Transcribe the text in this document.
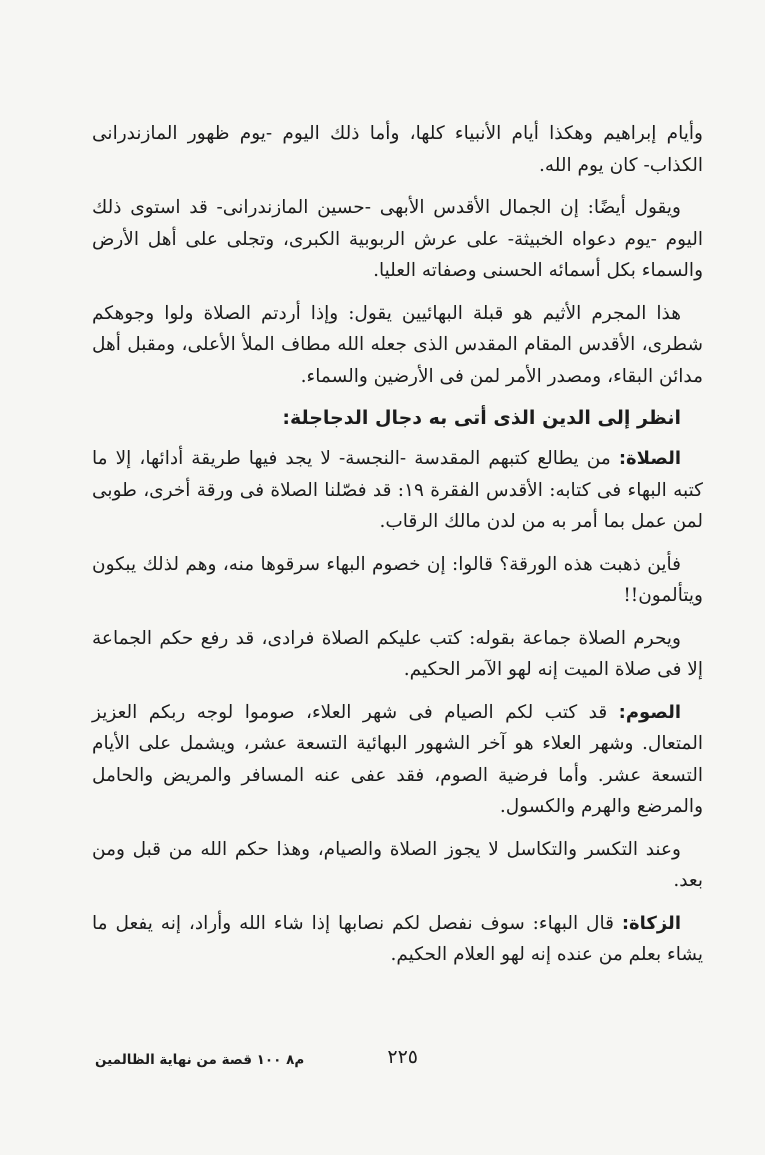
وأيام إبراهيم وهكذا أيام الأنبياء كلها، وأما ذلك اليوم -يوم ظهور المازندرانى الكذاب- كان يوم الله.

ويقول أيضًا: إن الجمال الأقدس الأبهى -حسين المازندرانى- قد استوى ذلك اليوم -يوم دعواه الخبيثة- على عرش الربوبية الكبرى، وتجلى على أهل الأرض والسماء بكل أسمائه الحسنى وصفاته العليا.

هذا المجرم الأثيم هو قبلة البهائيين يقول: وإذا أردتم الصلاة ولوا وجوهكم شطرى، الأقدس المقام المقدس الذى جعله الله مطاف الملأ الأعلى، ومقبل أهل مدائن البقاء، ومصدر الأمر لمن فى الأرضين والسماء.

انظر إلى الدين الذى أتى به دجال الدجاجلة:

الصلاة: من يطالع كتبهم المقدسة -النجسة- لا يجد فيها طريقة أدائها، إلا ما كتبه البهاء فى كتابه: الأقدس الفقرة ١٩: قد فصّلنا الصلاة فى ورقة أخرى، طوبى لمن عمل بما أمر به من لدن مالك الرقاب.

فأين ذهبت هذه الورقة؟ قالوا: إن خصوم البهاء سرقوها منه، وهم لذلك يبكون ويتألمون!!

ويحرم الصلاة جماعة بقوله: كتب عليكم الصلاة فرادى، قد رفع حكم الجماعة إلا فى صلاة الميت إنه لهو الآمر الحكيم.

الصوم: قد كتب لكم الصيام فى شهر العلاء، صوموا لوجه ربكم العزيز المتعال. وشهر العلاء هو آخر الشهور البهائية التسعة عشر، ويشمل على الأيام التسعة عشر. وأما فرضية الصوم، فقد عفى عنه المسافر والمريض والحامل والمرضع والهرم والكسول.

وعند التكسر والتكاسل لا يجوز الصلاة والصيام، وهذا حكم الله من قبل ومن بعد.

الزكاة: قال البهاء: سوف نفصل لكم نصابها إذا شاء الله وأراد، إنه يفعل ما يشاء بعلم من عنده إنه لهو العلام الحكيم.

٢٢٥
م٨ ١٠٠ قصة من نهاية الظالمين
